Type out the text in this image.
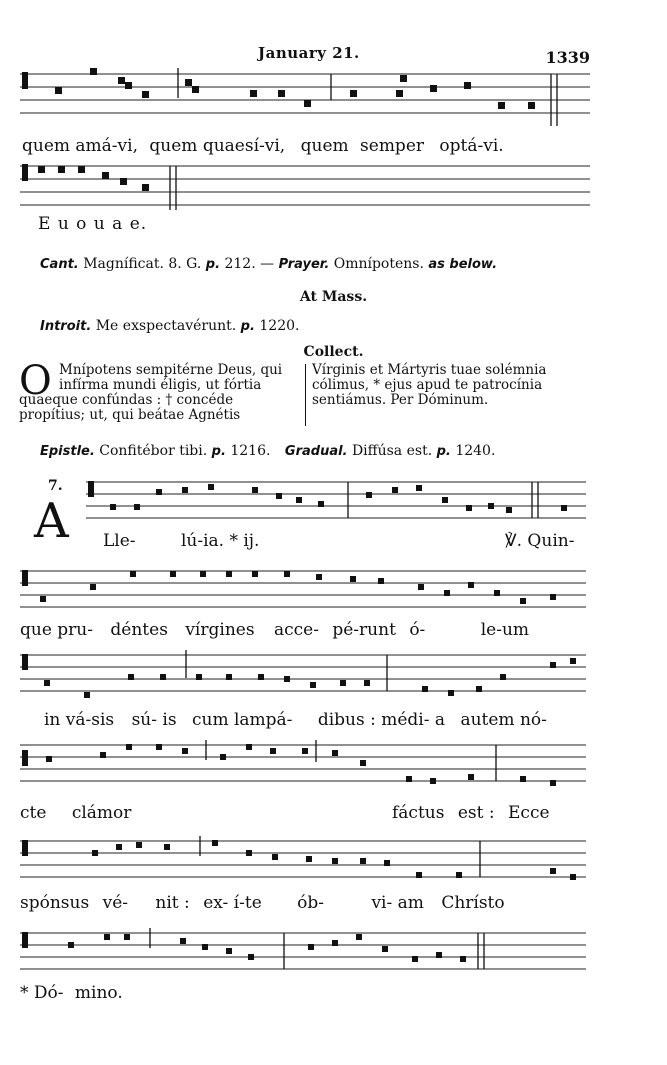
January 21.	1339
quem amá-vi, quem quaesí-vi, quem semper optá-vi.
E u o u a e.
Cant. Magníficat. 8. G. p. 212. — Prayer. Omnípotens. as below.
At Mass.
Introit. Me exspectavérunt. p. 1220.
Collect.
O Mnípotens sempitérne Deus, qui
infírma mundi éligis, ut fórtia
quaeque confúndas : † concéde
propítius; ut, qui beátae Agnétis
Vírginis et Mártyris tuae solémnia
cólimus, * ejus apud te patrocínia
sentiámus. Per Dóminum.
Epistle. Confitébor tibi. p. 1216. Gradual. Diffúsa est. p. 1240.
7.
A Lle-	lú-ia. * ij.	℣. Quin-
que pru- déntes vírgines acce- pé-runt ó-	le-um
in vá-sis sú- is cum lampá- dibus : médi- a autem nó-
cte clámor	fáctus est : Ecce
spónsus vé- nit : ex- í-te ób-	vi- am Chrísto
* Dó- mino.
